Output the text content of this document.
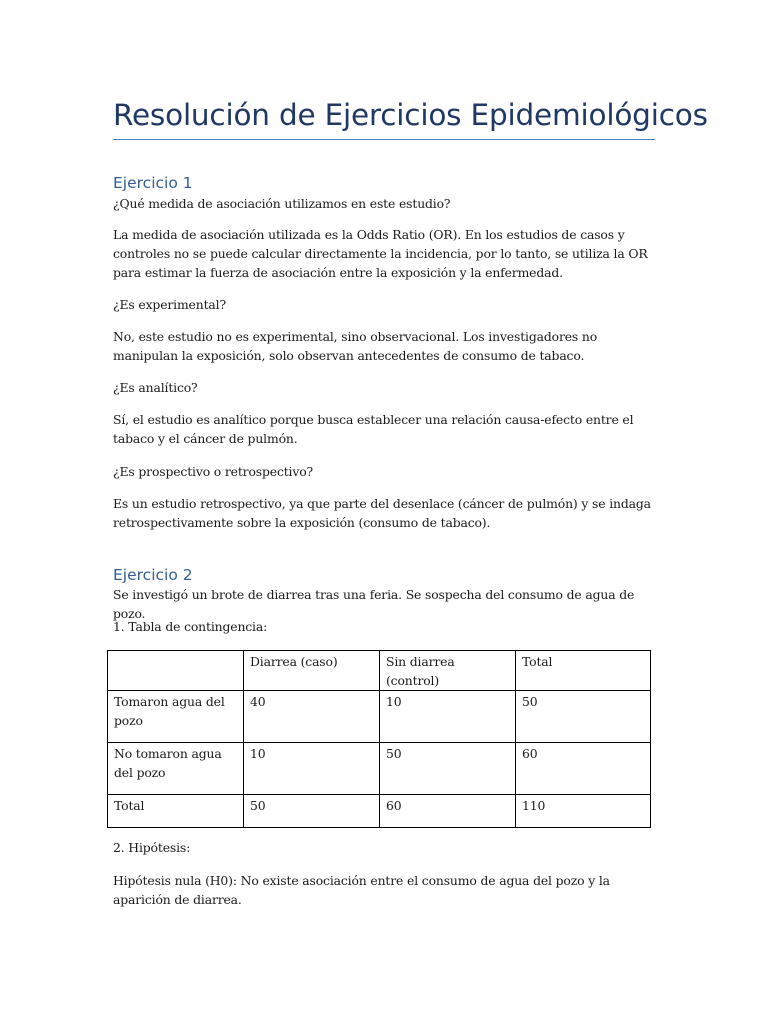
Resolución de Ejercicios Epidemiológicos
Ejercicio 1
¿Qué medida de asociación utilizamos en este estudio?
La medida de asociación utilizada es la Odds Ratio (OR). En los estudios de casos y controles no se puede calcular directamente la incidencia, por lo tanto, se utiliza la OR para estimar la fuerza de asociación entre la exposición y la enfermedad.
¿Es experimental?
No, este estudio no es experimental, sino observacional. Los investigadores no manipulan la exposición, solo observan antecedentes de consumo de tabaco.
¿Es analítico?
Sí, el estudio es analítico porque busca establecer una relación causa-efecto entre el tabaco y el cáncer de pulmón.
¿Es prospectivo o retrospectivo?
Es un estudio retrospectivo, ya que parte del desenlace (cáncer de pulmón) y se indaga retrospectivamente sobre la exposición (consumo de tabaco).
Ejercicio 2
Se investigó un brote de diarrea tras una feria. Se sospecha del consumo de agua de pozo.
1. Tabla de contingencia:
	Diarrea (caso)	Sin diarrea (control)	Total
Tomaron agua del pozo	40	10	50
No tomaron agua del pozo	10	50	60
Total	50	60	110
2. Hipótesis:
Hipótesis nula (H0): No existe asociación entre el consumo de agua del pozo y la aparición de diarrea.
